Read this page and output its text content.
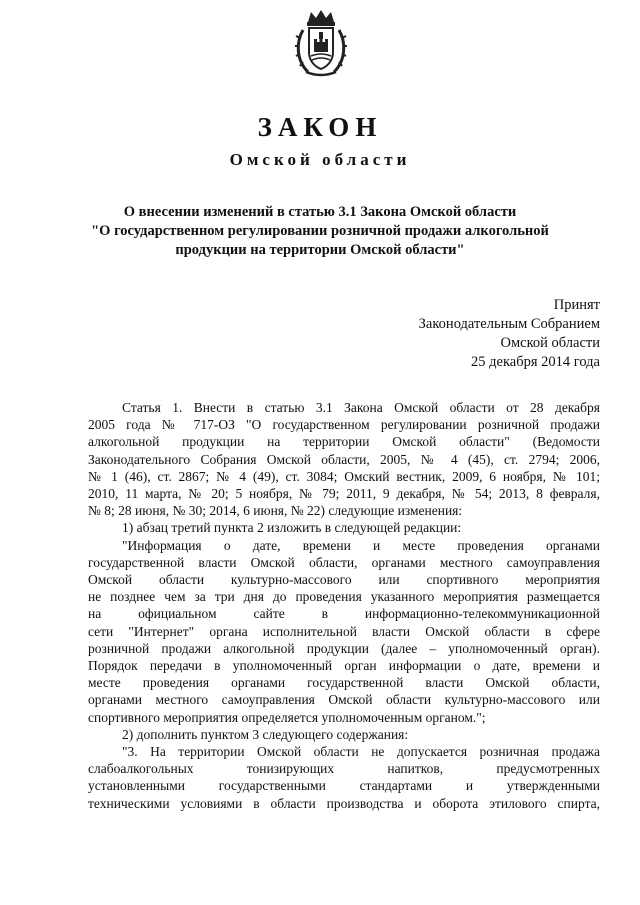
ЗАКОН
Омской области
О внесении изменений в статью 3.1 Закона Омской области
"О государственном регулировании розничной продажи алкогольной
продукции на территории Омской области"
Принят
Законодательным Собранием
Омской области
25 декабря 2014 года
Статья 1. Внести в статью 3.1 Закона Омской области от 28 декабря
2005 года № 717-ОЗ "О государственном регулировании розничной продажи
алкогольной продукции на территории Омской области" (Ведомости
Законодательного Собрания Омской области, 2005, № 4 (45), ст. 2794; 2006,
№ 1 (46), ст. 2867; № 4 (49), ст. 3084; Омский вестник, 2009, 6 ноября, № 101;
2010, 11 марта, № 20; 5 ноября, № 79; 2011, 9 декабря, № 54; 2013, 8 февраля,
№ 8; 28 июня, № 30; 2014, 6 июня, № 22) следующие изменения:
1) абзац третий пункта 2 изложить в следующей редакции:
"Информация о дате, времени и месте проведения органами
государственной власти Омской области, органами местного самоуправления
Омской области культурно-массового или спортивного мероприятия
не позднее чем за три дня до проведения указанного мероприятия размещается
на официальном сайте в информационно-телекоммуникационной
сети "Интернет" органа исполнительной власти Омской области в сфере
розничной продажи алкогольной продукции (далее – уполномоченный орган).
Порядок передачи в уполномоченный орган информации о дате, времени и
месте проведения органами государственной власти Омской области,
органами местного самоуправления Омской области культурно-массового или
спортивного мероприятия определяется уполномоченным органом.";
2) дополнить пунктом 3 следующего содержания:
"3. На территории Омской области не допускается розничная продажа
слабоалкогольных тонизирующих напитков, предусмотренных
установленными государственными стандартами и утвержденными
техническими условиями в области производства и оборота этилового спирта,
